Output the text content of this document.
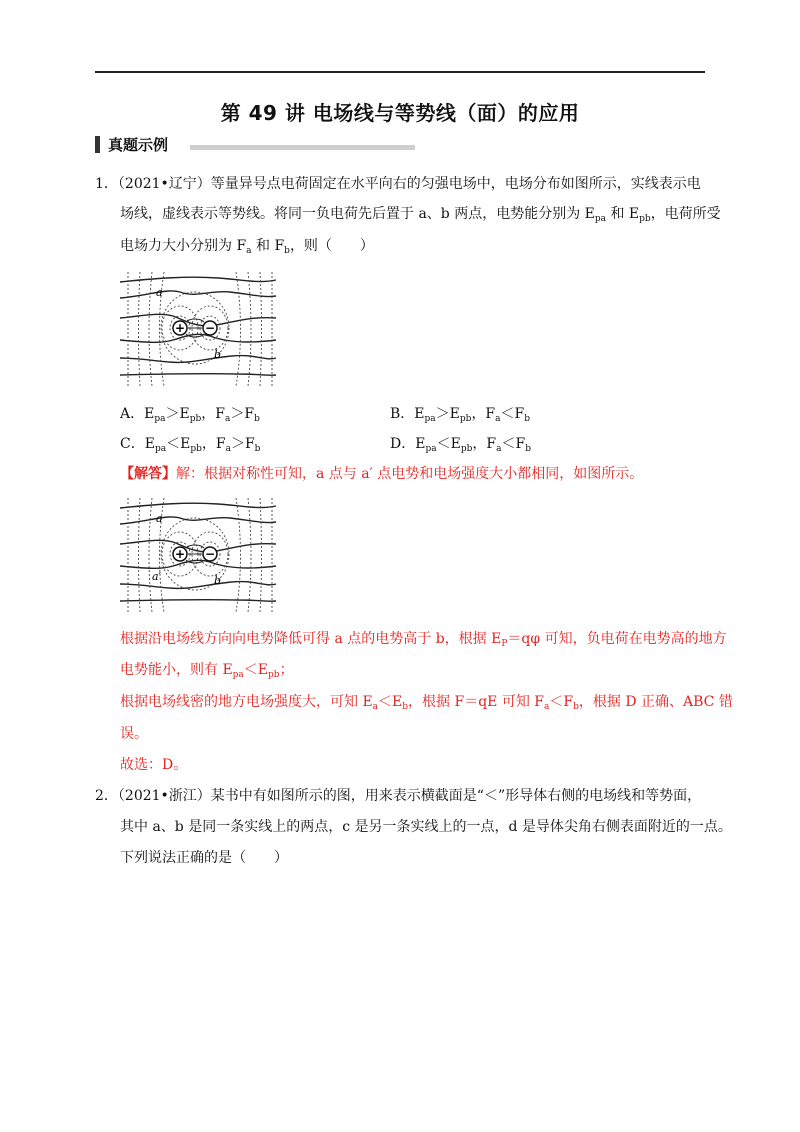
第 49 讲 电场线与等势线（面）的应用
真题示例
1．（2021•辽宁）等量异号点电荷固定在水平向右的匀强电场中，电场分布如图所示，实线表示电
场线，虚线表示等势线。将同一负电荷先后置于 a、b 两点，电势能分别为 $E_{pa}$ 和 $E_{pb}$，电荷所受
电场力大小分别为 $F_a$ 和 $F_b$，则（　　）
+ −
a
b
A．$E_{pa}>E_{pb}$，$F_a>F_b$	B．$E_{pa}>E_{pb}$，$F_a<F_b$
C．$E_{pa}<E_{pb}$，$F_a>F_b$	D．$E_{pa}<E_{pb}$，$F_a<F_b$
【解答】解：根据对称性可知，a 点与 a′ 点电势和电场强度大小都相同，如图所示。
+ −
a
a′	b
根据沿电场线方向向电势降低可得 a 点的电势高于 b，根据 $E_P=q\varphi$ 可知，负电荷在电势高的地方
电势能小，则有 $E_{pa}<E_{pb}$；
根据电场线密的地方电场强度大，可知 $E_a<E_b$，根据 F＝qE 可知 $F_a<F_b$，根据 D 正确、ABC 错
误。
故选：D。
2．（2021•浙江）某书中有如图所示的图，用来表示横截面是“＜”形导体右侧的电场线和等势面，
其中 a、b 是同一条实线上的两点，c 是另一条实线上的一点，d 是导体尖角右侧表面附近的一点。
下列说法正确的是（　　）
